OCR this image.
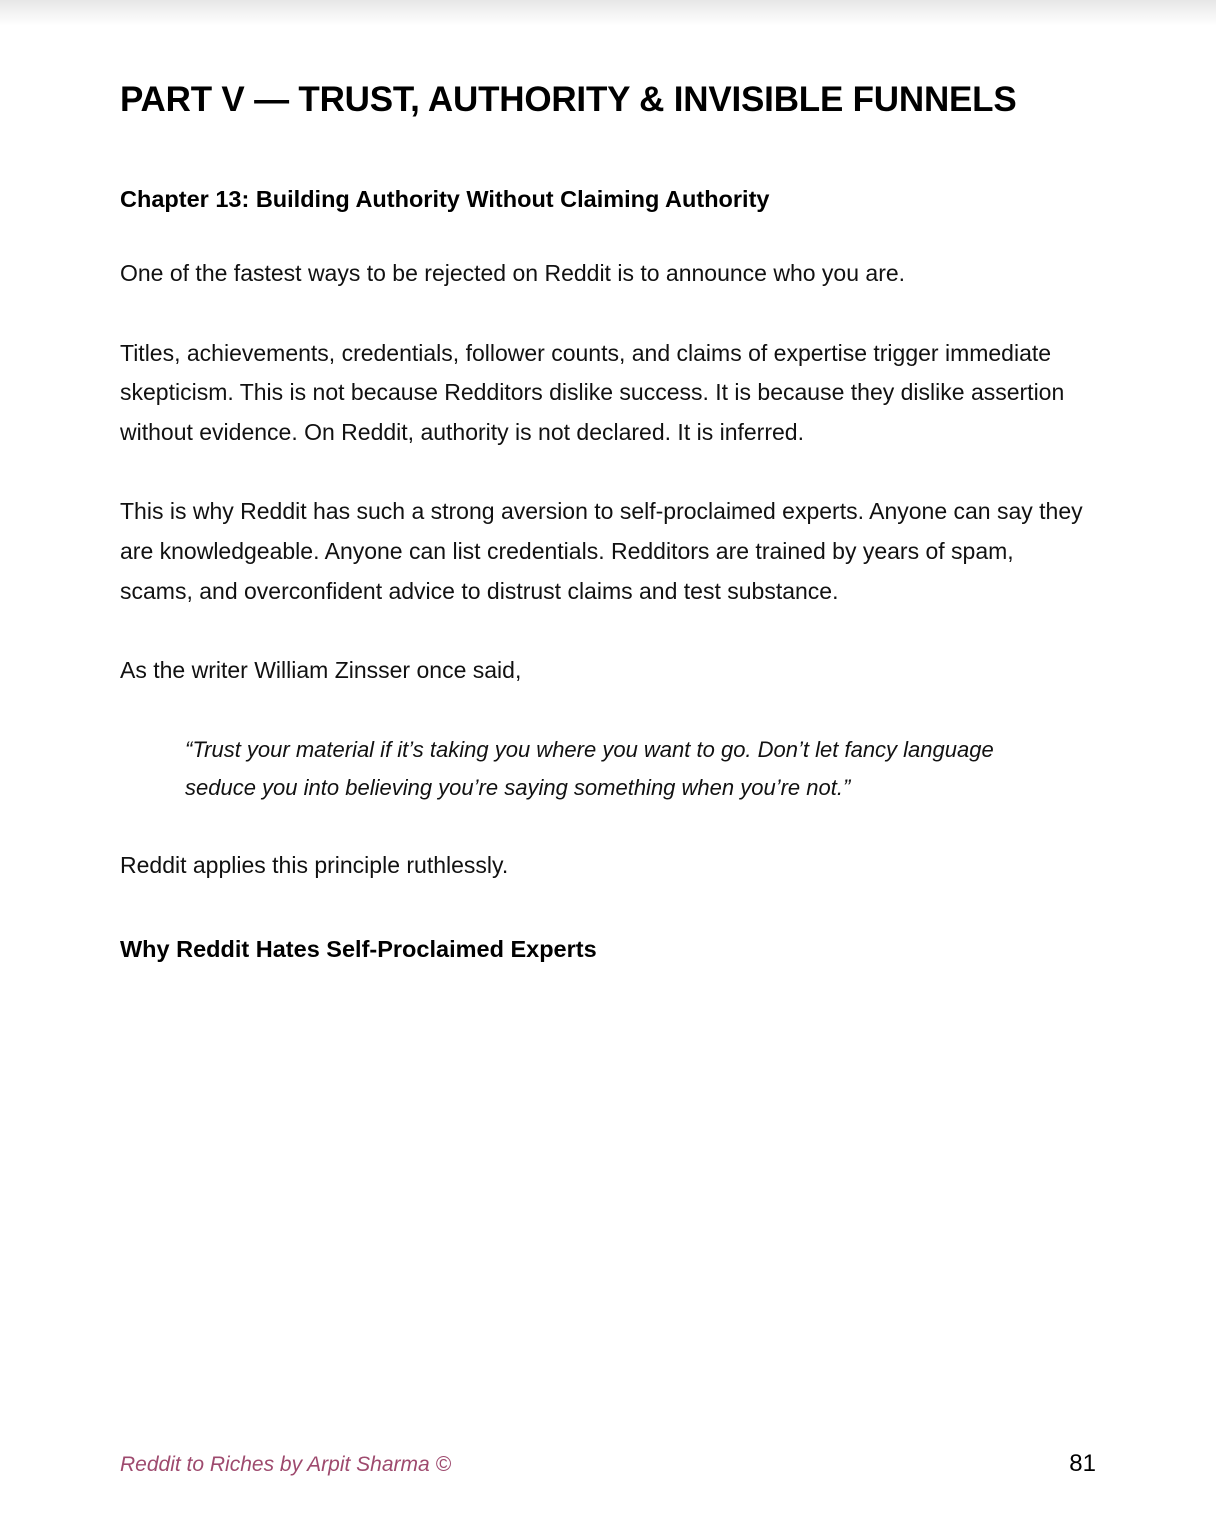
PART V — TRUST, AUTHORITY & INVISIBLE FUNNELS
Chapter 13: Building Authority Without Claiming Authority

One of the fastest ways to be rejected on Reddit is to announce who you are.

Titles, achievements, credentials, follower counts, and claims of expertise trigger immediate skepticism. This is not because Redditors dislike success. It is because they dislike assertion without evidence. On Reddit, authority is not declared. It is inferred.

This is why Reddit has such a strong aversion to self-proclaimed experts. Anyone can say they are knowledgeable. Anyone can list credentials. Redditors are trained by years of spam, scams, and overconfident advice to distrust claims and test substance.

As the writer William Zinsser once said,

“Trust your material if it’s taking you where you want to go. Don’t let fancy language seduce you into believing you’re saying something when you’re not.”

Reddit applies this principle ruthlessly.

Why Reddit Hates Self-Proclaimed Experts
Reddit to Riches by Arpit Sharma ©	81
